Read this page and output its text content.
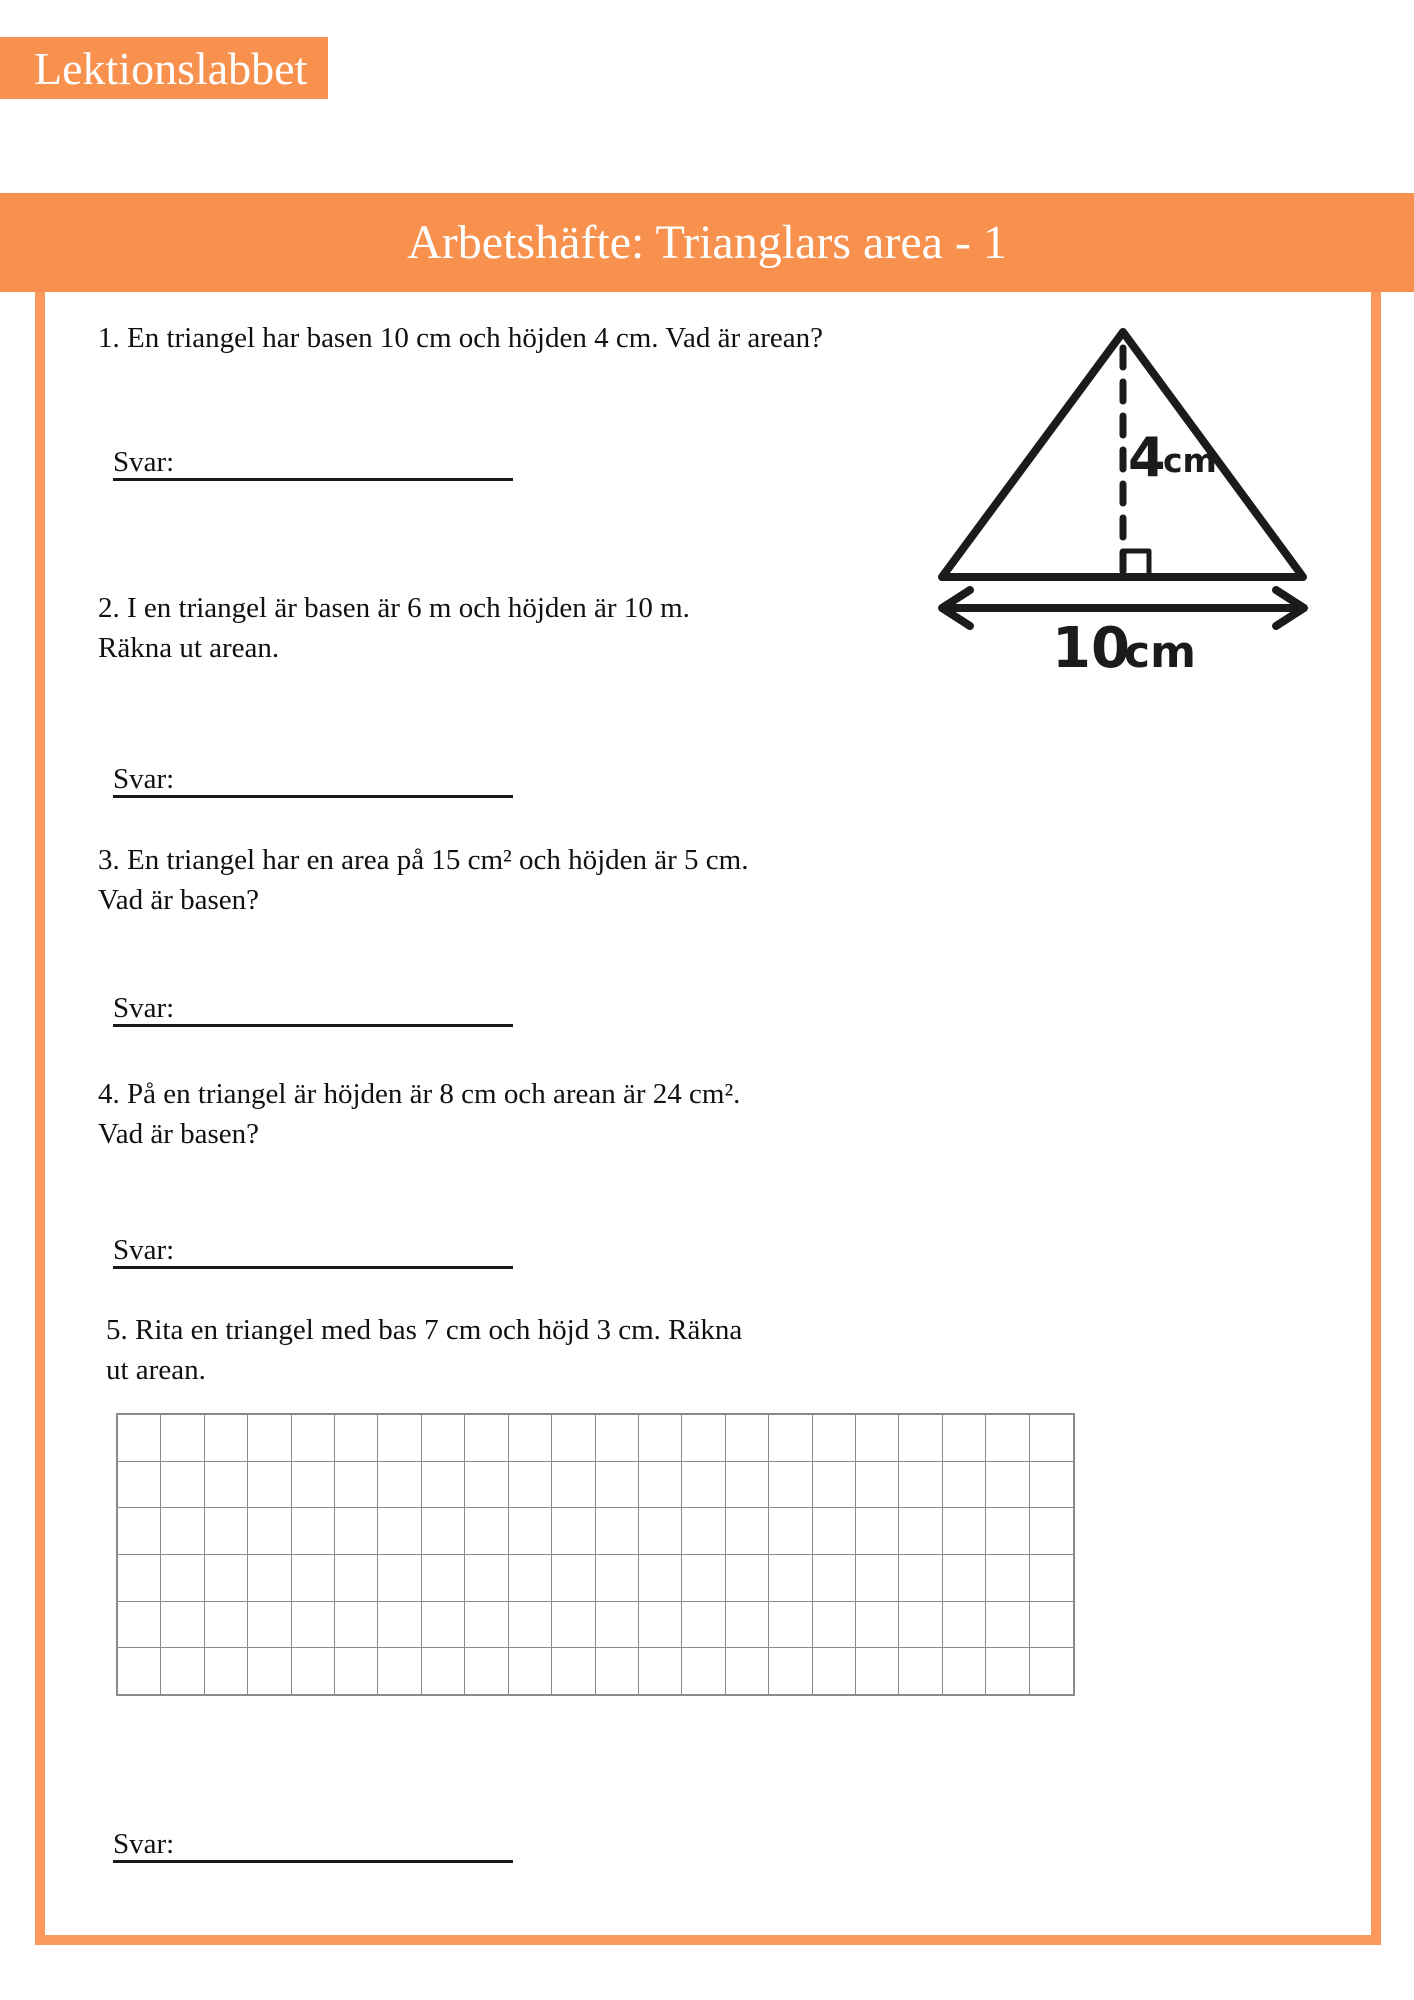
Lektionslabbet
Arbetshäfte: Trianglars area - 1
1. En triangel har basen 10 cm och höjden 4 cm. Vad är arean?
Svar:	4
cm
10
cm
2. I en triangel är basen är 6 m och höjden är 10 m.
Räkna ut arean.
Svar:
3. En triangel har en area på 15 cm² och höjden är 5 cm.
Vad är basen?
Svar:
4. På en triangel är höjden är 8 cm och arean är 24 cm².
Vad är basen?
Svar:
5. Rita en triangel med bas 7 cm och höjd 3 cm. Räkna
ut arean.
Svar:
